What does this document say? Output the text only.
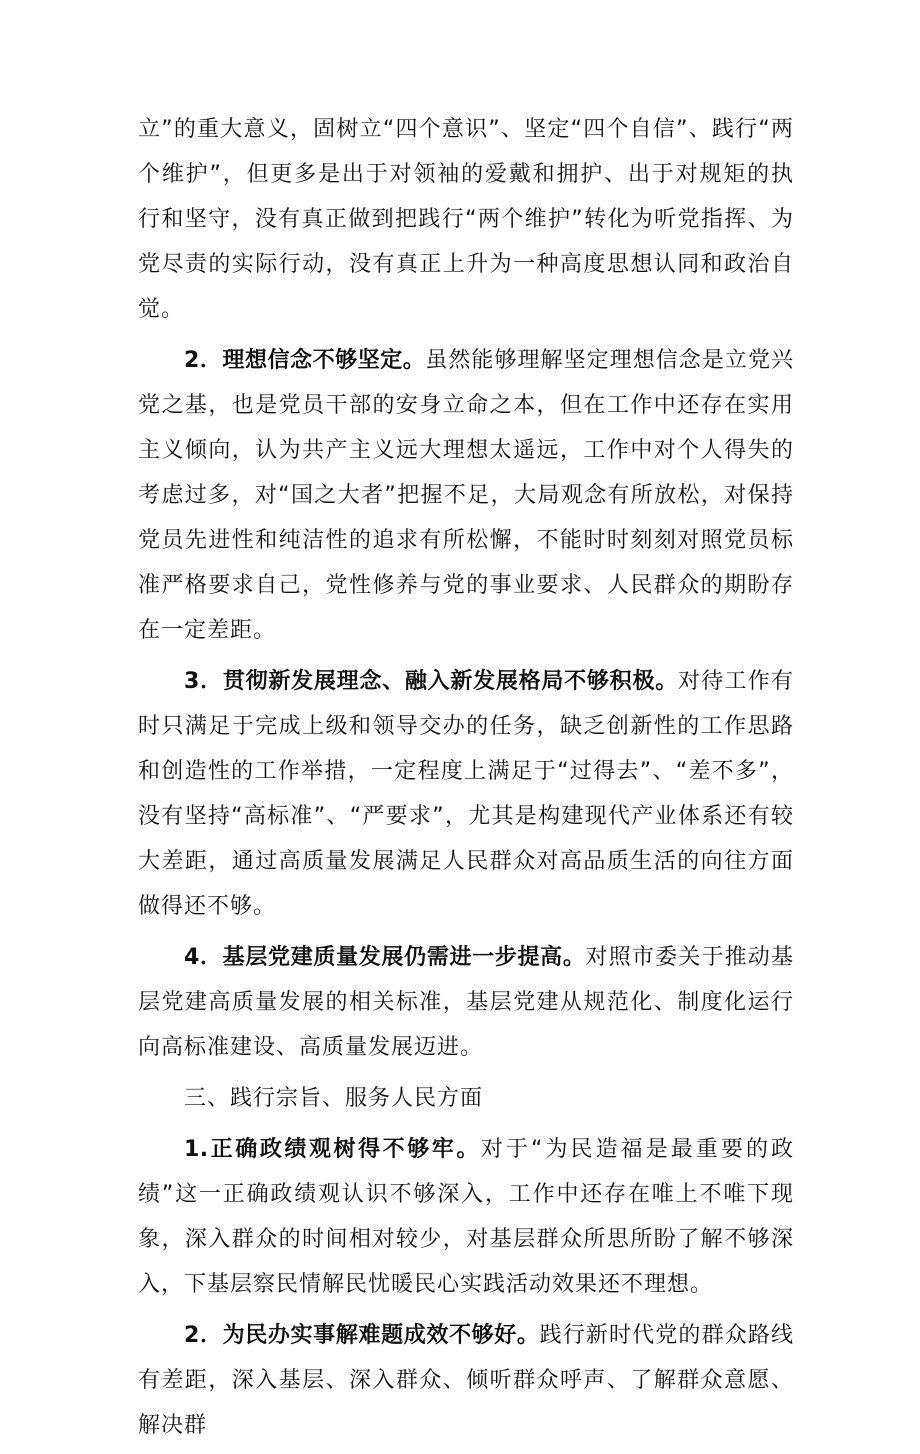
立”的重大意义，固树立“四个意识”、坚定“四个自信”、践行“两个维护”，但更多是出于对领袖的爱戴和拥护、出于对规矩的执行和坚守，没有真正做到把践行“两个维护”转化为听党指挥、为党尽责的实际行动，没有真正上升为一种高度思想认同和政治自觉。

2．理想信念不够坚定。虽然能够理解坚定理想信念是立党兴党之基，也是党员干部的安身立命之本，但在工作中还存在实用主义倾向，认为共产主义远大理想太遥远，工作中对个人得失的考虑过多，对“国之大者”把握不足，大局观念有所放松，对保持党员先进性和纯洁性的追求有所松懈，不能时时刻刻对照党员标准严格要求自己，党性修养与党的事业要求、人民群众的期盼存在一定差距。

3．贯彻新发展理念、融入新发展格局不够积极。对待工作有时只满足于完成上级和领导交办的任务，缺乏创新性的工作思路和创造性的工作举措，一定程度上满足于“过得去”、“差不多”，没有坚持“高标准”、“严要求”，尤其是构建现代产业体系还有较大差距，通过高质量发展满足人民群众对高品质生活的向往方面做得还不够。

4．基层党建质量发展仍需进一步提高。对照市委关于推动基层党建高质量发展的相关标准，基层党建从规范化、制度化运行向高标准建设、高质量发展迈进。

三、践行宗旨、服务人民方面

1.正确政绩观树得不够牢。对于“为民造福是最重要的政绩”这一正确政绩观认识不够深入，工作中还存在唯上不唯下现象，深入群众的时间相对较少，对基层群众所思所盼了解不够深入，下基层察民情解民忧暖民心实践活动效果还不理想。

2．为民办实事解难题成效不够好。践行新时代党的群众路线有差距，深入基层、深入群众、倾听群众呼声、了解群众意愿、解决群
